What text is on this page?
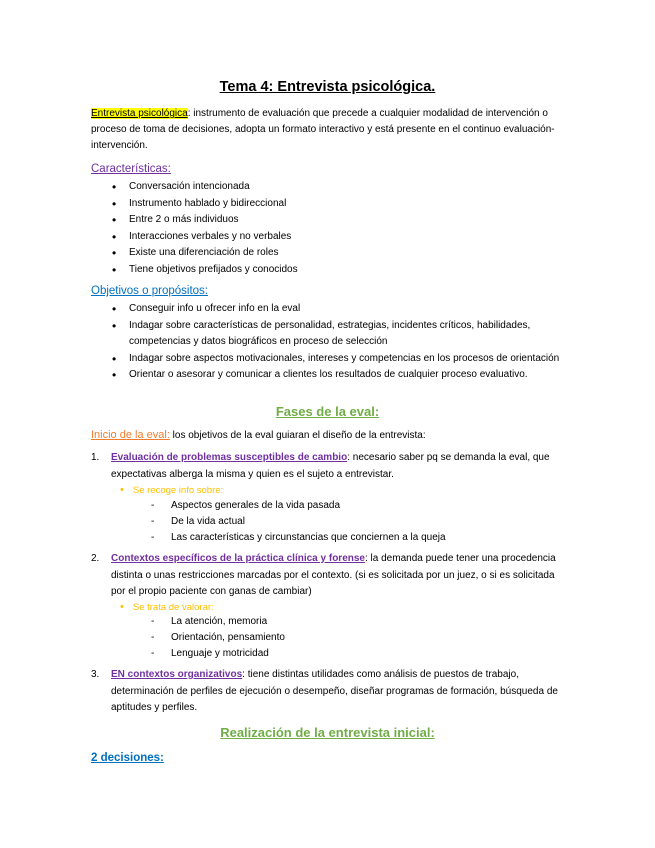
Tema 4: Entrevista psicológica.
Entrevista psicológica: instrumento de evaluación que precede a cualquier modalidad de intervención o proceso de toma de decisiones, adopta un formato interactivo y está presente en el continuo evaluación-intervención.
Características:
• Conversación intencionada
• Instrumento hablado y bidireccional
• Entre 2 o más individuos
• Interacciones verbales y no verbales
• Existe una diferenciación de roles
• Tiene objetivos prefijados y conocidos
Objetivos o propósitos:
• Conseguir info u ofrecer info en la eval
• Indagar sobre características de personalidad, estrategias, incidentes críticos, habilidades, competencias y datos biográficos en proceso de selección
• Indagar sobre aspectos motivacionales, intereses y competencias en los procesos de orientación
• Orientar o asesorar y comunicar a clientes los resultados de cualquier proceso evaluativo.
Fases de la eval:
Inicio de la eval: los objetivos de la eval guiaran el diseño de la entrevista:
1.	Evaluación de problemas susceptibles de cambio: necesario saber pq se demanda la eval, que expectativas alberga la misma y quien es el sujeto a entrevistar.
• Se recoge info sobre:
- Aspectos generales de la vida pasada
- De la vida actual
- Las características y circunstancias que conciernen a la queja
2.	Contextos específicos de la práctica clínica y forense: la demanda puede tener una procedencia distinta o unas restricciones marcadas por el contexto. (si es solicitada por un juez, o si es solicitada por el propio paciente con ganas de cambiar)
• Se trata de valorar:
- La atención, memoria
- Orientación, pensamiento
- Lenguaje y motricidad
3.	EN contextos organizativos: tiene distintas utilidades como análisis de puestos de trabajo, determinación de perfiles de ejecución o desempeño, diseñar programas de formación, búsqueda de aptitudes y perfiles.
Realización de la entrevista inicial:
2 decisiones:
